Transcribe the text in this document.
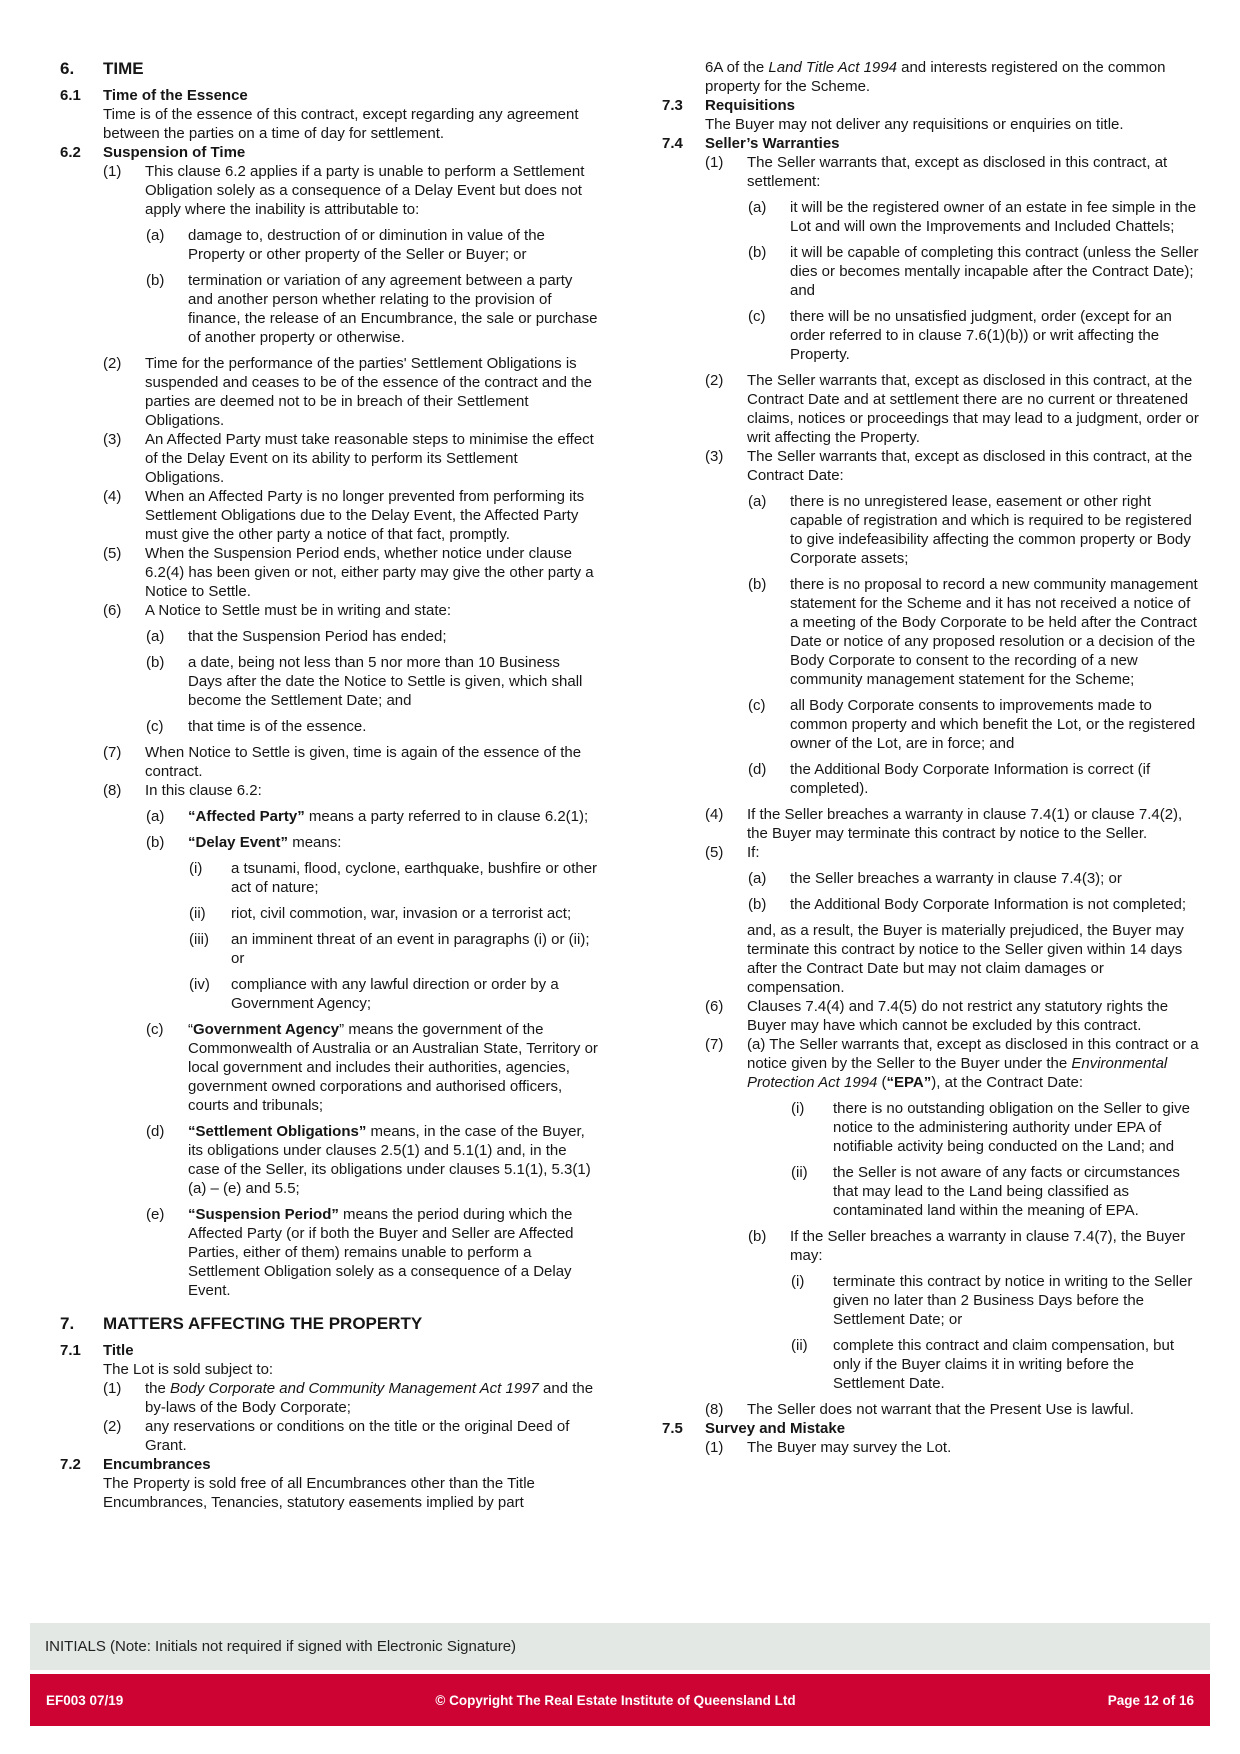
6.	TIME
6.1	Time of the Essence
Time is of the essence of this contract, except regarding any agreement between the parties on a time of day for settlement.
6.2	Suspension of Time
(1)	This clause 6.2 applies if a party is unable to perform a Settlement Obligation solely as a consequence of a Delay Event but does not apply where the inability is attributable to:
(a)	damage to, destruction of or diminution in value of the Property or other property of the Seller or Buyer; or
(b)	termination or variation of any agreement between a party and another person whether relating to the provision of finance, the release of an Encumbrance, the sale or purchase of another property or otherwise.
(2)	Time for the performance of the parties' Settlement Obligations is suspended and ceases to be of the essence of the contract and the parties are deemed not to be in breach of their Settlement Obligations.
(3)	An Affected Party must take reasonable steps to minimise the effect of the Delay Event on its ability to perform its Settlement Obligations.
(4)	When an Affected Party is no longer prevented from performing its Settlement Obligations due to the Delay Event, the Affected Party must give the other party a notice of that fact, promptly.
(5)	When the Suspension Period ends, whether notice under clause 6.2(4) has been given or not, either party may give the other party a Notice to Settle.
(6)	A Notice to Settle must be in writing and state:
(a)	that the Suspension Period has ended;
(b)	a date, being not less than 5 nor more than 10 Business Days after the date the Notice to Settle is given, which shall become the Settlement Date; and
(c)	that time is of the essence.
(7)	When Notice to Settle is given, time is again of the essence of the contract.
(8)	In this clause 6.2:
(a)	“Affected Party” means a party referred to in clause 6.2(1);
(b)	“Delay Event” means:
(i)	a tsunami, flood, cyclone, earthquake, bushfire or other act of nature;
(ii)	riot, civil commotion, war, invasion or a terrorist act;
(iii)	an imminent threat of an event in paragraphs (i) or (ii); or
(iv)	compliance with any lawful direction or order by a Government Agency;
(c)	“Government Agency” means the government of the Commonwealth of Australia or an Australian State, Territory or local government and includes their authorities, agencies, government owned corporations and authorised officers, courts and tribunals;
(d)	“Settlement Obligations” means, in the case of the Buyer, its obligations under clauses 2.5(1) and 5.1(1) and, in the case of the Seller, its obligations under clauses 5.1(1), 5.3(1)(a) – (e) and 5.5;
(e)	“Suspension Period” means the period during which the Affected Party (or if both the Buyer and Seller are Affected Parties, either of them) remains unable to perform a Settlement Obligation solely as a consequence of a Delay Event.
7.	MATTERS AFFECTING THE PROPERTY
7.1	Title
The Lot is sold subject to:
(1)	the Body Corporate and Community Management Act 1997 and the by-laws of the Body Corporate;
(2)	any reservations or conditions on the title or the original Deed of Grant.
7.2	Encumbrances
The Property is sold free of all Encumbrances other than the Title Encumbrances, Tenancies, statutory easements implied by part
6A of the Land Title Act 1994 and interests registered on the common property for the Scheme.
7.3	Requisitions
The Buyer may not deliver any requisitions or enquiries on title.
7.4	Seller’s Warranties
(1)	The Seller warrants that, except as disclosed in this contract, at settlement:
(a)	it will be the registered owner of an estate in fee simple in the Lot and will own the Improvements and Included Chattels;
(b)	it will be capable of completing this contract (unless the Seller dies or becomes mentally incapable after the Contract Date); and
(c)	there will be no unsatisfied judgment, order (except for an order referred to in clause 7.6(1)(b)) or writ affecting the Property.
(2)	The Seller warrants that, except as disclosed in this contract, at the Contract Date and at settlement there are no current or threatened claims, notices or proceedings that may lead to a judgment, order or writ affecting the Property.
(3)	The Seller warrants that, except as disclosed in this contract, at the Contract Date:
(a)	there is no unregistered lease, easement or other right capable of registration and which is required to be registered to give indefeasibility affecting the common property or Body Corporate assets;
(b)	there is no proposal to record a new community management statement for the Scheme and it has not received a notice of a meeting of the Body Corporate to be held after the Contract Date or notice of any proposed resolution or a decision of the Body Corporate to consent to the recording of a new community management statement for the Scheme;
(c)	all Body Corporate consents to improvements made to common property and which benefit the Lot, or the registered owner of the Lot, are in force; and
(d)	the Additional Body Corporate Information is correct (if completed).
(4)	If the Seller breaches a warranty in clause 7.4(1) or clause 7.4(2), the Buyer may terminate this contract by notice to the Seller.
(5)	If:
(a)	the Seller breaches a warranty in clause 7.4(3); or
(b)	the Additional Body Corporate Information is not completed;
and, as a result, the Buyer is materially prejudiced, the Buyer may terminate this contract by notice to the Seller given within 14 days after the Contract Date but may not claim damages or compensation.
(6)	Clauses 7.4(4) and 7.4(5) do not restrict any statutory rights the Buyer may have which cannot be excluded by this contract.
(7)	(a) The Seller warrants that, except as disclosed in this contract or a notice given by the Seller to the Buyer under the Environmental Protection Act 1994 (“EPA”), at the Contract Date:
(i)	there is no outstanding obligation on the Seller to give notice to the administering authority under EPA of notifiable activity being conducted on the Land; and
(ii)	the Seller is not aware of any facts or circumstances that may lead to the Land being classified as contaminated land within the meaning of EPA.
(b)	If the Seller breaches a warranty in clause 7.4(7), the Buyer may:
(i)	terminate this contract by notice in writing to the Seller given no later than 2 Business Days before the Settlement Date; or
(ii)	complete this contract and claim compensation, but only if the Buyer claims it in writing before the Settlement Date.
(8)	The Seller does not warrant that the Present Use is lawful.
7.5	Survey and Mistake
(1)	The Buyer may survey the Lot.
INITIALS (Note: Initials not required if signed with Electronic Signature)
EF003 07/19	© Copyright The Real Estate Institute of Queensland Ltd	Page 12 of 16
